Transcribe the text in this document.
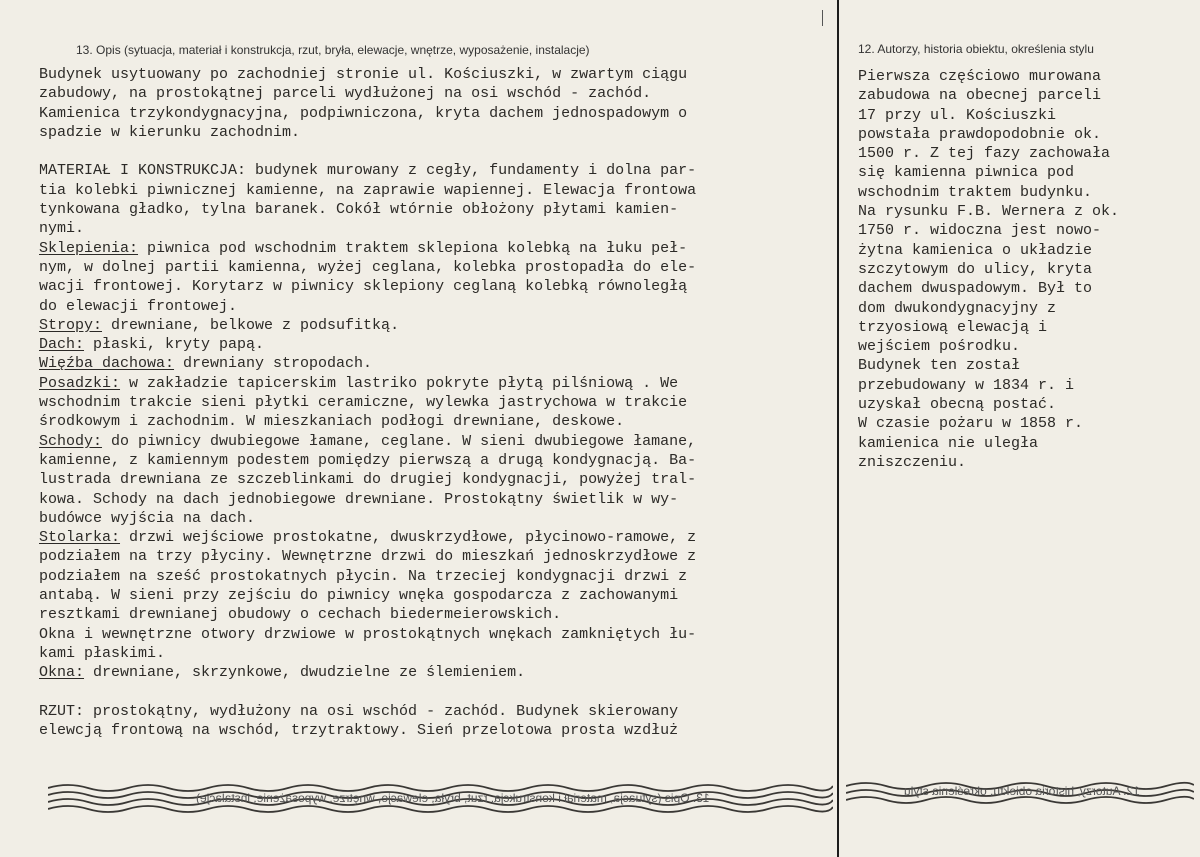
13. Opis (sytuacja, materiał i konstrukcja, rzut, bryła, elewacje, wnętrze, wyposażenie, instalacje)	12. Autorzy, historia obiektu, określenia stylu
Budynek usytuowany po zachodniej stronie ul. Kościuszki, w zwartym ciągu
zabudowy, na prostokątnej parceli wydłużonej na osi wschód - zachód.
Kamienica trzykondygnacyjna, podpiwniczona, kryta dachem jednospadowym o
spadzie w kierunku zachodnim.
MATERIAŁ I KONSTRUKCJA: budynek murowany z cegły, fundamenty i dolna par-
tia kolebki piwnicznej kamienne, na zaprawie wapiennej. Elewacja frontowa
tynkowana gładko, tylna baranek. Cokół wtórnie obłożony płytami kamien-
nymi.
Sklepienia: piwnica pod wschodnim traktem sklepiona kolebką na łuku peł-
nym, w dolnej partii kamienna, wyżej ceglana, kolebka prostopadła do ele-
wacji frontowej. Korytarz w piwnicy sklepiony ceglaną kolebką równoległą
do elewacji frontowej.
Stropy: drewniane, belkowe z podsufitką.
Dach: płaski, kryty papą.
Więźba dachowa: drewniany stropodach.
Posadzki: w zakładzie tapicerskim lastriko pokryte płytą pilśniową . We
wschodnim trakcie sieni płytki ceramiczne, wylewka jastrychowa w trakcie
środkowym i zachodnim. W mieszkaniach podłogi drewniane, deskowe.
Schody: do piwnicy dwubiegowe łamane, ceglane. W sieni dwubiegowe łamane,
kamienne, z kamiennym podestem pomiędzy pierwszą a drugą kondygnacją. Ba-
lustrada drewniana ze szczeblinkami do drugiej kondygnacji, powyżej tral-
kowa. Schody na dach jednobiegowe drewniane. Prostokątny świetlik w wy-
budówce wyjścia na dach.
Stolarka: drzwi wejściowe prostokatne, dwuskrzydłowe, płycinowo-ramowe, z
podziałem na trzy płyciny. Wewnętrzne drzwi do mieszkań jednoskrzydłowe z
podziałem na sześć prostokatnych płycin. Na trzeciej kondygnacji drzwi z
antabą. W sieni przy zejściu do piwnicy wnęka gospodarcza z zachowanymi
resztkami drewnianej obudowy o cechach biedermeierowskich.
Okna i wewnętrzne otwory drzwiowe w prostokątnych wnękach zamkniętych łu-
kami płaskimi.
Okna: drewniane, skrzynkowe, dwudzielne ze ślemieniem.
RZUT: prostokątny, wydłużony na osi wschód - zachód. Budynek skierowany
elewcją frontową na wschód, trzytraktowy. Sień przelotowa prosta wzdłuż
Pierwsza częściowo murowana
zabudowa na obecnej parceli
17 przy ul. Kościuszki
powstała prawdopodobnie ok.
1500 r. Z tej fazy zachowała
się kamienna piwnica pod
wschodnim traktem budynku.
Na rysunku F.B. Wernera z ok.
1750 r. widoczna jest nowo-
żytna kamienica o układzie
szczytowym do ulicy, kryta
dachem dwuspadowym. Był to
dom dwukondygnacyjny z
trzyosiową elewacją i
wejściem pośrodku.
Budynek ten został
przebudowany w 1834 r. i
uzyskał obecną postać.
W czasie pożaru w 1858 r.
kamienica nie uległa
zniszczeniu.
13. Opis (sytuacja, materiał i konstrukcja, rzut, bryła, elewacje, wnętrze, wyposażenie, instalacje)	12. Autorzy, historia obiektu, określenia stylu
